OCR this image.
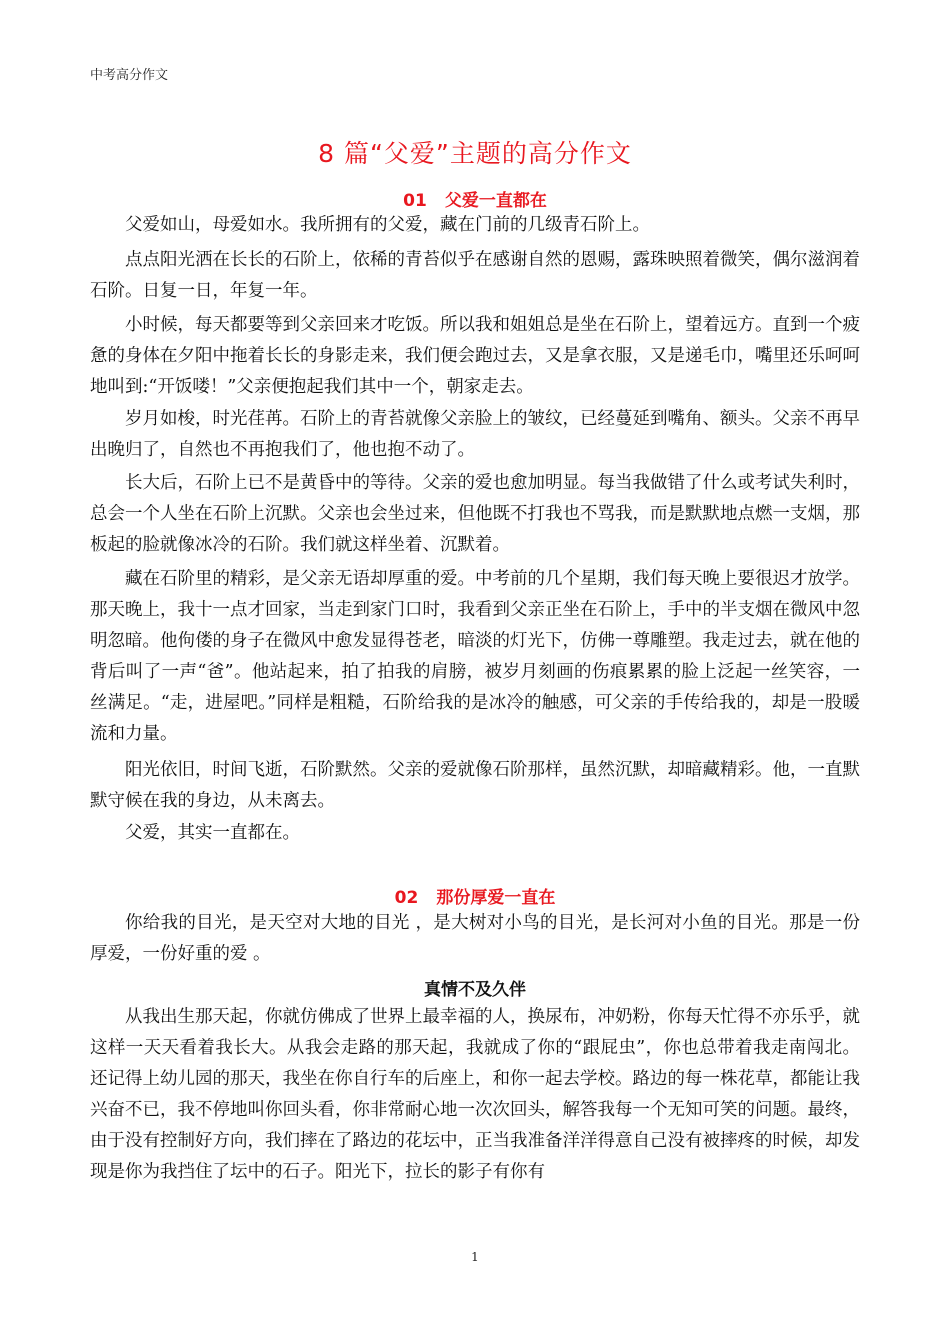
中考高分作文
8 篇“父爱”主题的高分作文
01 父爱一直都在

父爱如山，母爱如水。我所拥有的父爱，藏在门前的几级青石阶上。

点点阳光洒在长长的石阶上，依稀的青苔似乎在感谢自然的恩赐，露珠映照着微笑，偶尔滋润着石阶。日复一日，年复一年。

小时候，每天都要等到父亲回来才吃饭。所以我和姐姐总是坐在石阶上，望着远方。直到一个疲惫的身体在夕阳中拖着长长的身影走来，我们便会跑过去，又是拿衣服，又是递毛巾，嘴里还乐呵呵地叫到:“开饭喽！”父亲便抱起我们其中一个，朝家走去。

岁月如梭，时光荏苒。石阶上的青苔就像父亲脸上的皱纹，已经蔓延到嘴角、额头。父亲不再早出晚归了，自然也不再抱我们了，他也抱不动了。

长大后，石阶上已不是黄昏中的等待。父亲的爱也愈加明显。每当我做错了什么或考试失利时，总会一个人坐在石阶上沉默。父亲也会坐过来，但他既不打我也不骂我，而是默默地点燃一支烟，那板起的脸就像冰冷的石阶。我们就这样坐着、沉默着。

藏在石阶里的精彩，是父亲无语却厚重的爱。中考前的几个星期，我们每天晚上要很迟才放学。那天晚上，我十一点才回家，当走到家门口时，我看到父亲正坐在石阶上，手中的半支烟在微风中忽明忽暗。他佝偻的身子在微风中愈发显得苍老，暗淡的灯光下，仿佛一尊雕塑。我走过去，就在他的背后叫了一声“爸”。他站起来，拍了拍我的肩膀，被岁月刻画的伤痕累累的脸上泛起一丝笑容，一丝满足。“走，进屋吧。”同样是粗糙，石阶给我的是冰冷的触感，可父亲的手传给我的，却是一股暖流和力量。

阳光依旧，时间飞逝，石阶默然。父亲的爱就像石阶那样，虽然沉默，却暗藏精彩。他，一直默默守候在我的身边，从未离去。

父爱，其实一直都在。

02 那份厚爱一直在

你给我的目光，是天空对大地的目光 ，是大树对小鸟的目光，是长河对小鱼的目光。那是一份厚爱，一份好重的爱 。

真情不及久伴

从我出生那天起，你就仿佛成了世界上最幸福的人，换尿布，冲奶粉，你每天忙得不亦乐乎，就这样一天天看着我长大。从我会走路的那天起，我就成了你的“跟屁虫”，你也总带着我走南闯北。还记得上幼儿园的那天，我坐在你自行车的后座上，和你一起去学校。路边的每一株花草，都能让我兴奋不已，我不停地叫你回头看，你非常耐心地一次次回头，解答我每一个无知可笑的问题。最终，由于没有控制好方向，我们摔在了路边的花坛中，正当我准备洋洋得意自己没有被摔疼的时候，却发现是你为我挡住了坛中的石子。阳光下，拉长的影子有你有

1
